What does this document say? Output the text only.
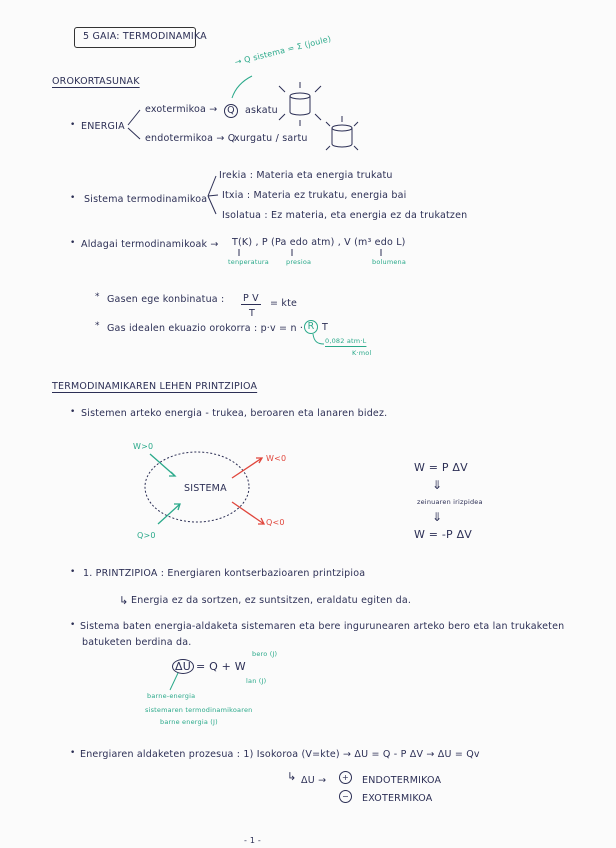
5 GAIA: TERMODINAMIKA
OROKORTASUNAK
• ENERGIA
exotermikoa →	Q	askatu
endotermikoa → Q
xurgatu / sartu
→ Q sistema = Σ (joule)
• Sistema termodinamikoa
Irekia : Materia eta energia trukatu
Itxia : Materia ez trukatu, energia bai
Isolatua : Ez materia, eta energia ez da trukatzen
• Aldagai termodinamikoak → T(K) , P (Pa edo atm) , V (m³ edo L)
tenperatura	presioa	bolumena
* Gasen ege konbinatua : P V
T
= kte
* Gas idealen ekuazio orokorra : p·v = n · R T
0,082 atm·L
K·mol
TERMODINAMIKAREN LEHEN PRINTZIPIOA
• Sistemen arteko energia - trukea, beroaren eta lanaren bidez.
SISTEMA
W>0
W<0
Q>0
Q<0
W = P ΔV
⇓
zeinuaren irizpidea
⇓
W = -P ΔV
• 1. PRINTZIPIOA : Energiaren kontserbazioaren printzipioa
↳ Energia ez da sortzen, ez suntsitzen, eraldatu egiten da.
• Sistema baten energia-aldaketa sistemaren eta bere ingurunearen arteko bero eta lan trukaketen
batuketen berdina da.
ΔU = Q + W
bero (J)
lan (J)
barne-energia
sistemaren termodinamikoaren
barne energia (J)
• Energiaren aldaketen prozesua : 1) Isokoroa (V=kte) → ΔU = Q - P ΔV → ΔU = Qv
↳ ΔU →	+	ENDOTERMIKOA
−	EXOTERMIKOA
- 1 -
